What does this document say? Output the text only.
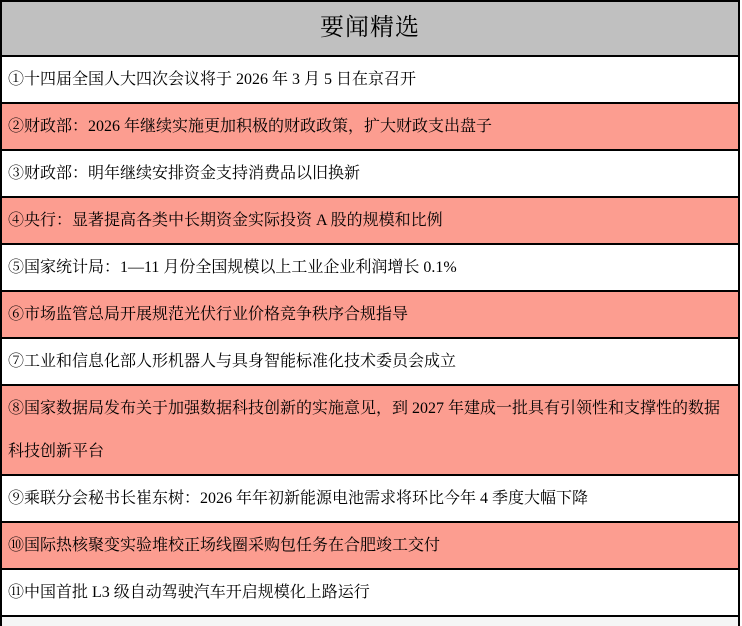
要闻精选
①十四届全国人大四次会议将于 2026 年 3 月 5 日在京召开
②财政部：2026 年继续实施更加积极的财政政策，扩大财政支出盘子
③财政部：明年继续安排资金支持消费品以旧换新
④央行：显著提高各类中长期资金实际投资 A 股的规模和比例
⑤国家统计局：1—11 月份全国规模以上工业企业利润增长 0.1%
⑥市场监管总局开展规范光伏行业价格竞争秩序合规指导
⑦工业和信息化部人形机器人与具身智能标准化技术委员会成立
⑧国家数据局发布关于加强数据科技创新的实施意见，到 2027 年建成一批具有引领性和支撑性的数据科技创新平台
⑨乘联分会秘书长崔东树：2026 年年初新能源电池需求将环比今年 4 季度大幅下降
⑩国际热核聚变实验堆校正场线圈采购包任务在合肥竣工交付
⑪中国首批 L3 级自动驾驶汽车开启规模化上路运行
